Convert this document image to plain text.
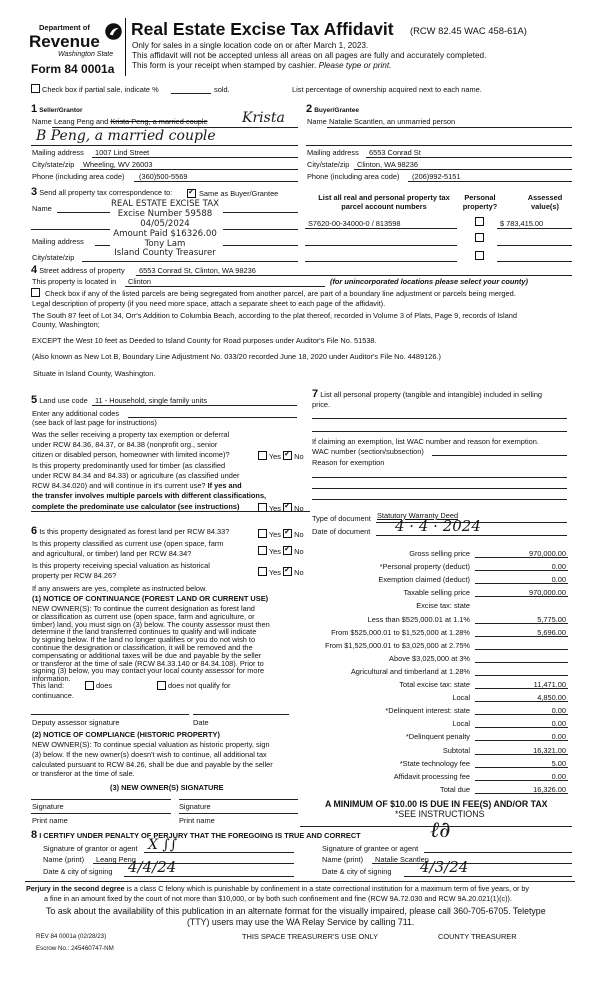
Department of
Revenue
Washington State
Form 84 0001a
Real Estate Excise Tax Affidavit (RCW 82.45 WAC 458-61A)
Only for sales in a single location code on or after March 1, 2023.
This affidavit will not be accepted unless all areas on all pages are fully and accurately completed.
This form is your receipt when stamped by cashier. Please type or print.
Check box if partial sale, indicate %	sold.	List percentage of ownership acquired next to each name.
1 Seller/Grantor
Name Leang Peng and Krista Peng, a married couple Krista
B Peng, a married couple
Mailing address 1007 Lind Street
City/state/zip Wheeling, WV 26003
Phone (including area code) (360)500-5569
2 Buyer/Grantee
Name Natalie Scantlen, an unmarried person
Mailing address 6553 Conrad St
City/state/zip Clinton, WA 98236
Phone (including area code) (206)992-5151
3 Send all property tax correspondence to: ✓	Same as Buyer/Grantee
Name
Mailing address
City/state/zip
REAL ESTATE EXCISE TAX
Excise Number 59588
04/05/2024
Amount Paid $16326.00
Tony Lam
Island County Treasurer
List all real and personal property tax parcel account numbers
Personal property?
Assessed value(s)
S7620-00-34000-0 / 813598	$ 783,415.00
4 Street address of property 6553 Conrad St, Clinton, WA 98236
This property is located in Clinton	(for unincorporated locations please select your county)
Check box if any of the listed parcels are being segregated from another parcel, are part of a boundary line adjustment or parcels being merged.
Legal description of property (if you need more space, attach a separate sheet to each page of the affidavit).
The South 87 feet of Lot 34, Orr's Addition to Columbia Beach, according to the plat thereof, recorded in Volume 3 of Plats, Page 9, records of Island
County, Washington;
EXCEPT the West 10 feet as Deeded to Island County for Road purposes under Auditor's File No. 51538.
(Also known as New Lot B, Boundary Line Adjustment No. 033/20 recorded June 18, 2020 under Auditor's File No. 4489126.)
Situate in Island County, Washington.
5 Land use code 11 - Household, single family units
Enter any additional codes
(see back of last page for instructions)
Was the seller receiving a property tax exemption or deferral
under RCW 84.36, 84.37, or 84.38 (nonprofit org., senior
citizen or disabled person, homeowner with limited income)?
Is this property predominantly used for timber (as classified
under RCW 84.34 and 84.33) or agriculture (as classified under
RCW 84.34.020) and will continue in it's current use? If yes and
the transfer involves multiple parcels with different classifications,
complete the predominate use calculator (see instructions)
Yes ✓ No
Yes ✓ No
Yes ✓ No
Yes ✓ No
Yes ✓ No
6 Is this property designated as forest land per RCW 84.33?
Is this property classified as current use (open space, farm
and agricultural, or timber) land per RCW 84.34?
Is this property receiving special valuation as historical
property per RCW 84.26?
If any answers are yes, complete as instructed below.
(1) NOTICE OF CONTINUANCE (FOREST LAND OR CURRENT USE)
NEW OWNER(S): To continue the current designation as forest land
or classification as current use (open space, farm and agriculture, or
timber) land, you must sign on (3) below. The county assessor must then
determine if the land transferred continues to qualify and will indicate
by signing below. If the land no longer qualifies or you do not wish to
continue the designation or classification, it will be removed and the
compensating or additional taxes will be due and payable by the seller
or transferor at the time of sale (RCW 84.33.140 or 84.34.108). Prior to
signing (3) below, you may contact your local county assessor for more
information.
This land:	does	does not qualify for
continuance.
Deputy assessor signature	Date
(2) NOTICE OF COMPLIANCE (HISTORIC PROPERTY)
NEW OWNER(S): To continue special valuation as historic property, sign
(3) below. If the new owner(s) doesn't wish to continue, all additional tax
calculated pursuant to RCW 84.26, shall be due and payable by the seller
or transferor at the time of sale.
(3) NEW OWNER(S) SIGNATURE
Signature	Signature
Print name	Print name
7 List all personal property (tangible and intangible) included in selling
price.
If claiming an exemption, list WAC number and reason for exemption.
WAC number (section/subsection)
Reason for exemption
Type of document Statutory Warranty Deed
Date of document 4 · 4 · 2024
Gross selling price	970,000.00
*Personal property (deduct)	0.00
Exemption claimed (deduct)	0.00
Taxable selling price	970,000.00
Excise tax: state
Less than $525,000.01 at 1.1%	5,775.00
From $525,000.01 to $1,525,000 at 1.28%	5,696.00
From $1,525,000.01 to $3,025,000 at 2.75%
Above $3,025,000 at 3%
Agricultural and timberland at 1.28%
Total excise tax: state	11,471.00
Local	4,850.00
*Delinquent interest: state	0.00
Local	0.00
*Delinquent penalty	0.00
Subtotal	16,321.00
*State technology fee	5.00
Affidavit processing fee	0.00
Total due	16,326.00
A MINIMUM OF $10.00 IS DUE IN FEE(S) AND/OR TAX
*SEE INSTRUCTIONS
8 I CERTIFY UNDER PENALTY OF PERJURY THAT THE FOREGOING IS TRUE AND CORRECT
Signature of grantor or agent X ∫∫
Name (print) Leang Peng
Date & city of signing 4/4/24
Signature of grantee or agent
ℓ∂
Name (print) Natalie Scantlen
Date & city of signing 4/3/24
Perjury in the second degree is a class C felony which is punishable by confinement in a state correctional institution for a maximum term of five years, or by
a fine in an amount fixed by the court of not more than $10,000, or by both such confinement and fine (RCW 9A.72.030 and RCW 9A.20.021(1)(c)).
To ask about the availability of this publication in an alternate format for the visually impaired, please call 360-705-6705. Teletype
(TTY) users may use the WA Relay Service by calling 711.
REV 84 0001a (02/28/23)	THIS SPACE TREASURER'S USE ONLY	COUNTY TREASURER
Escrow No.: 245460747-NM
